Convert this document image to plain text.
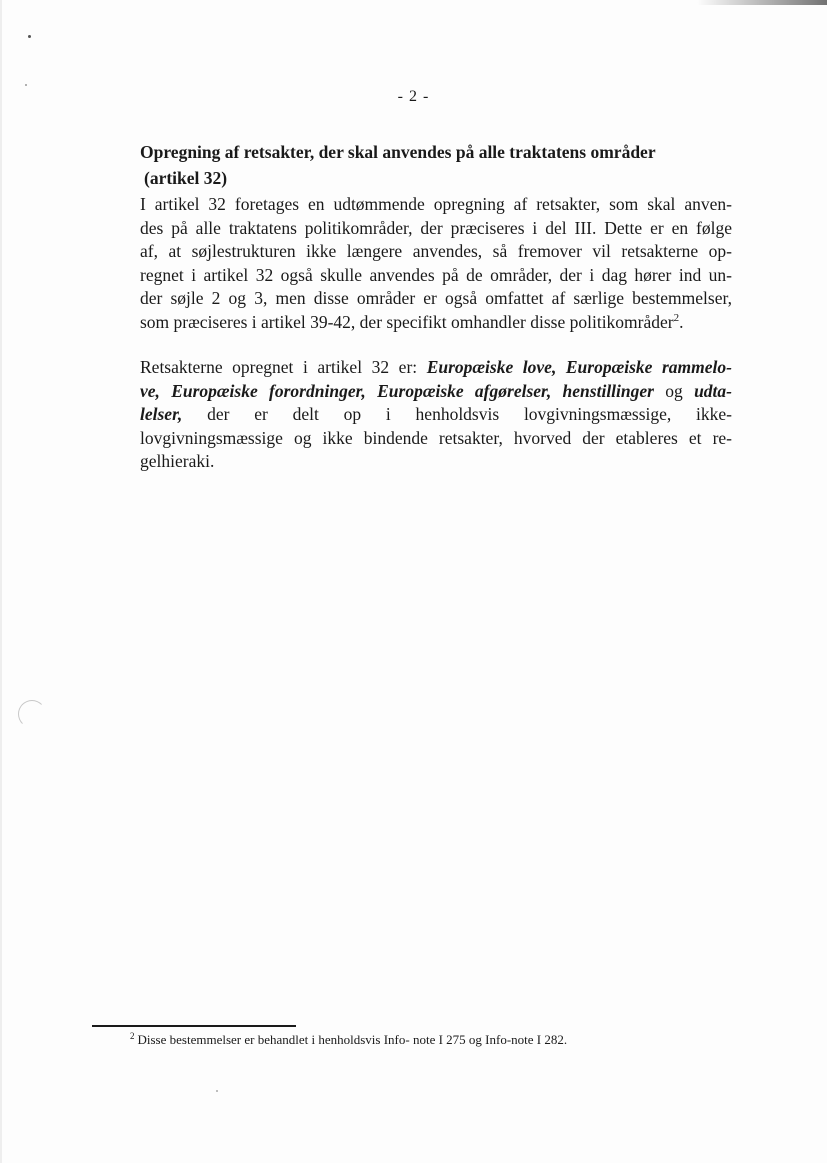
- 2 -
Opregning af retsakter, der skal anvendes på alle traktatens områder
(artikel 32)

I artikel 32 foretages en udtømmende opregning af retsakter, som skal anven-
des på alle traktatens politikområder, der præciseres i del III. Dette er en følge
af, at søjlestrukturen ikke længere anvendes, så fremover vil retsakterne op-
regnet i artikel 32 også skulle anvendes på de områder, der i dag hører ind un-
der søjle 2 og 3, men disse områder er også omfattet af særlige bestemmelser,
som præciseres i artikel 39-42, der specifikt omhandler disse politikområder$^2$.

Retsakterne opregnet i artikel 32 er: Europæiske love, Europæiske rammelo-
ve, Europæiske forordninger, Europæiske afgørelser, henstillinger og udta-
lelser, der er delt op i henholdsvis lovgivningsmæssige, ikke-
lovgivningsmæssige og ikke bindende retsakter, hvorved der etableres et re-
gelhieraki.

$^2$ Disse bestemmelser er behandlet i henholdsvis Info- note I 275 og Info-note I 282.
